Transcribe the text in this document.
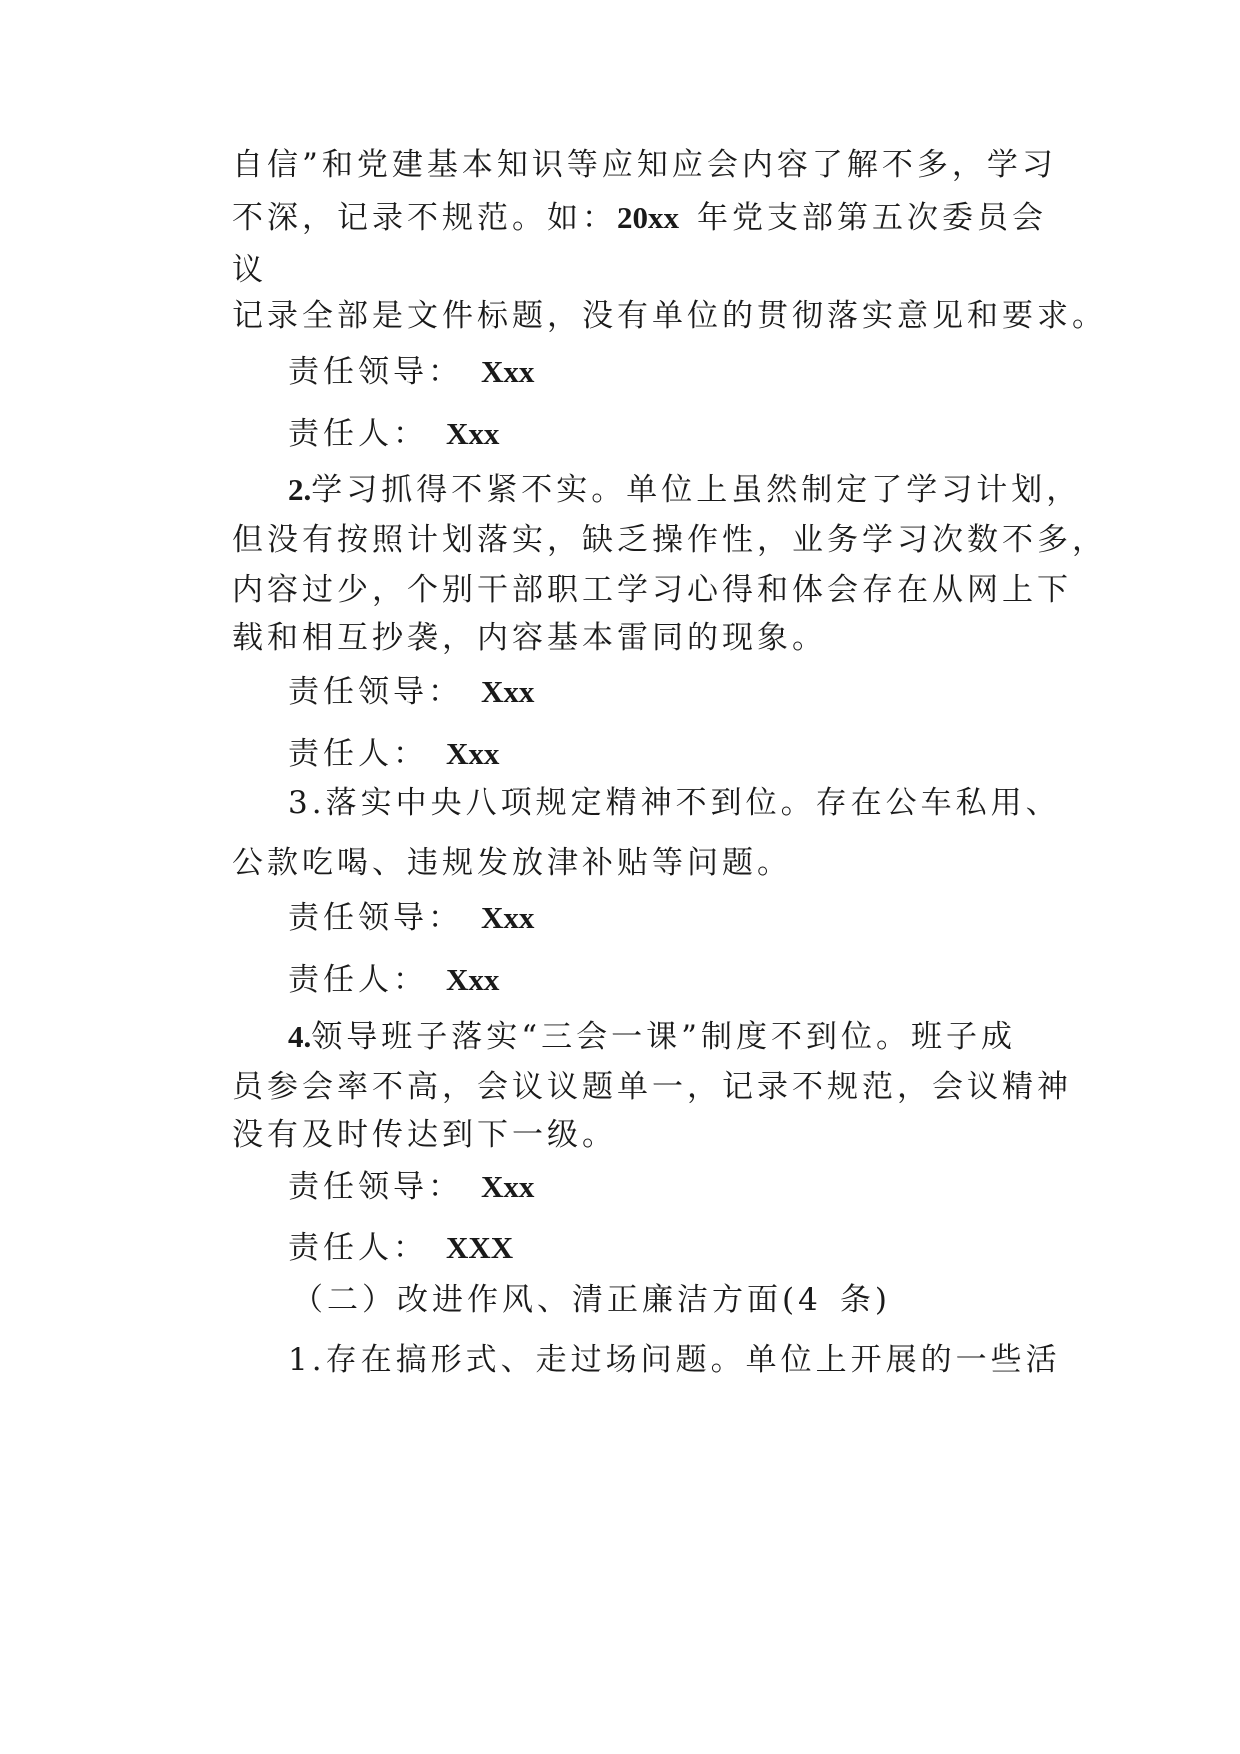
自信”和党建基本知识等应知应会内容了解不多，学习
不深，记录不规范。如：20xx 年党支部第五次委员会
议
记录全部是文件标题，没有单位的贯彻落实意见和要求。
责任领导： Xxx
责任人： Xxx
2.学习抓得不紧不实。单位上虽然制定了学习计划，
但没有按照计划落实，缺乏操作性，业务学习次数不多，
内容过少，个别干部职工学习心得和体会存在从网上下
载和相互抄袭，内容基本雷同的现象。
责任领导： Xxx
责任人： Xxx
3.落实中央八项规定精神不到位。存在公车私用、
公款吃喝、违规发放津补贴等问题。
责任领导： Xxx
责任人： Xxx
4.领导班子落实“三会一课”制度不到位。班子成
员参会率不高，会议议题单一，记录不规范，会议精神
没有及时传达到下一级。
责任领导： Xxx
责任人： XXX
（二）改进作风、清正廉洁方面(4 条)
1.存在搞形式、走过场问题。单位上开展的一些活
